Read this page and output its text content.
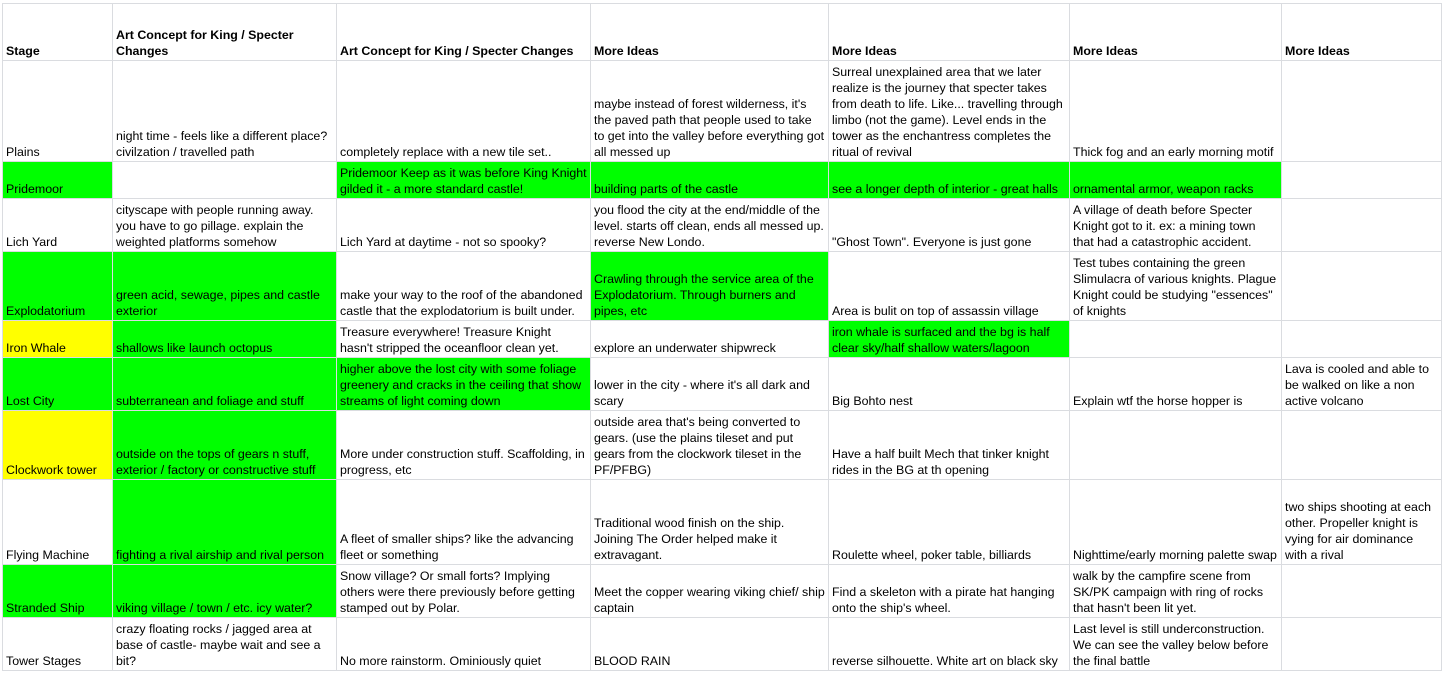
Stage	Art Concept for King / Specter Changes	Art Concept for King / Specter Changes	More Ideas	More Ideas	More Ideas	More Ideas
Plains	night time - feels like a different place? civilzation / travelled path	completely replace with a new tile set..	maybe instead of forest wilderness, it's the paved path that people used to take to get into the valley before everything got all messed up	Surreal unexplained area that we later realize is the journey that specter takes from death to life. Like... travelling through limbo (not the game). Level ends in the tower as the enchantress completes the ritual of revival	Thick fog and an early morning motif	
Pridemoor		Pridemoor Keep as it was before King Knight gilded it - a more standard castle!	building parts of the castle	see a longer depth of interior - great halls	ornamental armor, weapon racks	
Lich Yard	cityscape with people running away. you have to go pillage. explain the weighted platforms somehow	Lich Yard at daytime - not so spooky?	you flood the city at the end/middle of the level. starts off clean, ends all messed up. reverse New Londo.	"Ghost Town". Everyone is just gone	A village of death before Specter Knight got to it. ex: a mining town that had a catastrophic accident.	
Explodatorium	green acid, sewage, pipes and castle exterior	make your way to the roof of the abandoned castle that the explodatorium is built under.	Crawling through the service area of the Explodatorium. Through burners and pipes, etc	Area is bulit on top of assassin village	Test tubes containing the green Slimulacra of various knights. Plague Knight could be studying "essences" of knights	
Iron Whale	shallows like launch octopus	Treasure everywhere! Treasure Knight hasn't stripped the oceanfloor clean yet.	explore an underwater shipwreck	iron whale is surfaced and the bg is half clear sky/half shallow waters/lagoon		
Lost City	subterranean and foliage and stuff	higher above the lost city with some foliage greenery and cracks in the ceiling that show streams of light coming down	lower in the city - where it's all dark and scary	Big Bohto nest	Explain wtf the horse hopper is	Lava is cooled and able to be walked on like a non active volcano
Clockwork tower	outside on the tops of gears n stuff, exterior / factory or constructive stuff	More under construction stuff. Scaffolding, in progress, etc	outside area that's being converted to gears. (use the plains tileset and put gears from the clockwork tileset in the PF/PFBG)	Have a half built Mech that tinker knight rides in the BG at th opening		
Flying Machine	fighting a rival airship and rival person	A fleet of smaller ships? like the advancing fleet or something	Traditional wood finish on the ship. Joining The Order helped make it extravagant.	Roulette wheel, poker table, billiards	Nighttime/early morning palette swap	two ships shooting at each other. Propeller knight is vying for air dominance with a rival
Stranded Ship	viking village / town / etc. icy water?	Snow village? Or small forts? Implying others were there previously before getting stamped out by Polar.	Meet the copper wearing viking chief/ ship captain	Find a skeleton with a pirate hat hanging onto the ship's wheel.	walk by the campfire scene from SK/PK campaign with ring of rocks that hasn't been lit yet.	
Tower Stages	crazy floating rocks / jagged area at base of castle- maybe wait and see a bit?	No more rainstorm. Ominiously quiet	BLOOD RAIN	reverse silhouette. White art on black sky	Last level is still underconstruction. We can see the valley below before the final battle	
